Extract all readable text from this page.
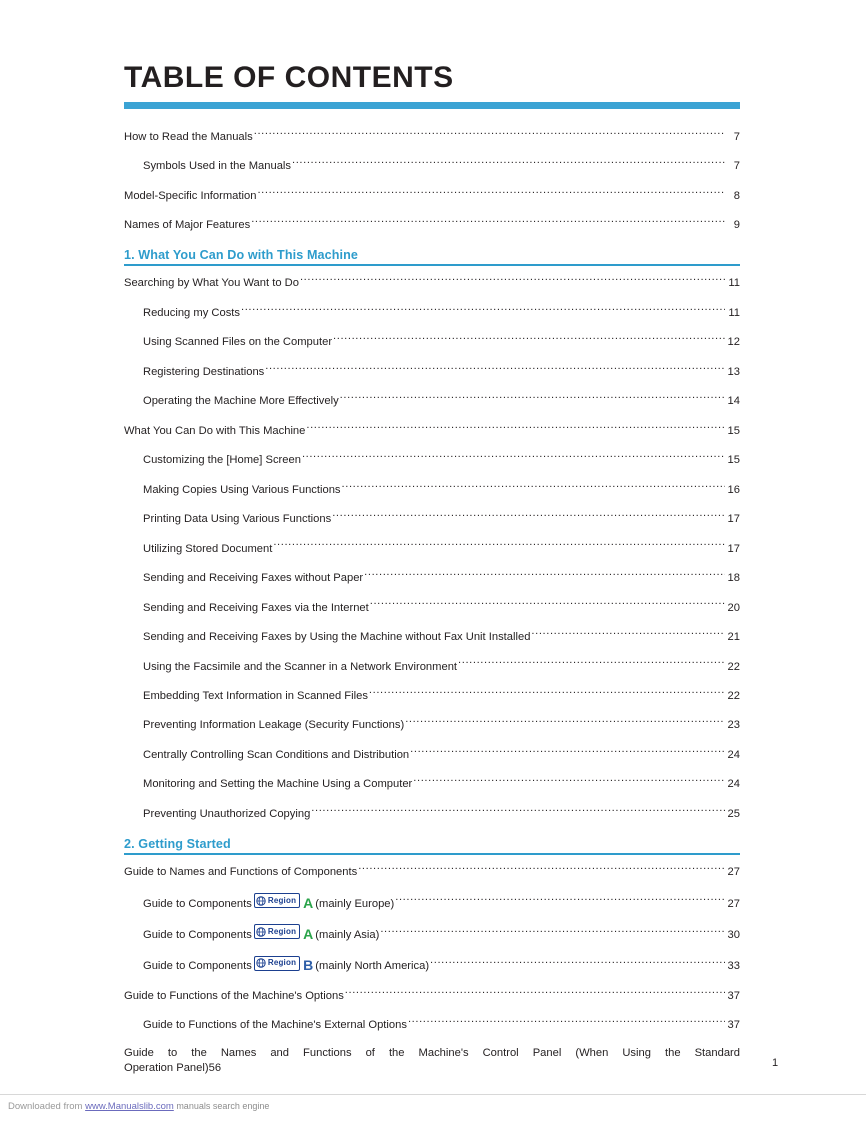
TABLE OF CONTENTS
How to Read the Manuals .....	7
Symbols Used in the Manuals .....	7
Model-Specific Information .....	8
Names of Major Features .....	9
1. What You Can Do with This Machine
Searching by What You Want to Do .....	11
Reducing my Costs .....	11
Using Scanned Files on the Computer .....	12
Registering Destinations .....	13
Operating the Machine More Effectively .....	14
What You Can Do with This Machine .....	15
Customizing the [Home] Screen .....	15
Making Copies Using Various Functions .....	16
Printing Data Using Various Functions .....	17
Utilizing Stored Document .....	17
Sending and Receiving Faxes without Paper .....	18
Sending and Receiving Faxes via the Internet .....	20
Sending and Receiving Faxes by Using the Machine without Fax Unit Installed .....	21
Using the Facsimile and the Scanner in a Network Environment .....	22
Embedding Text Information in Scanned Files .....	22
Preventing Information Leakage (Security Functions) .....	23
Centrally Controlling Scan Conditions and Distribution .....	24
Monitoring and Setting the Machine Using a Computer .....	24
Preventing Unauthorized Copying .....	25
2. Getting Started
Guide to Names and Functions of Components .....	27
Guide to Components Region A (mainly Europe) .....	27
Guide to Components Region A (mainly Asia) .....	30
Guide to Components Region B (mainly North America) .....	33
Guide to Functions of the Machine's Options .....	37
Guide to Functions of the Machine's External Options .....	37
Guide to the Names and Functions of the Machine's Control Panel (When Using the Standard
Operation Panel) 56	1
Downloaded from www.Manualslib.com manuals search engine
